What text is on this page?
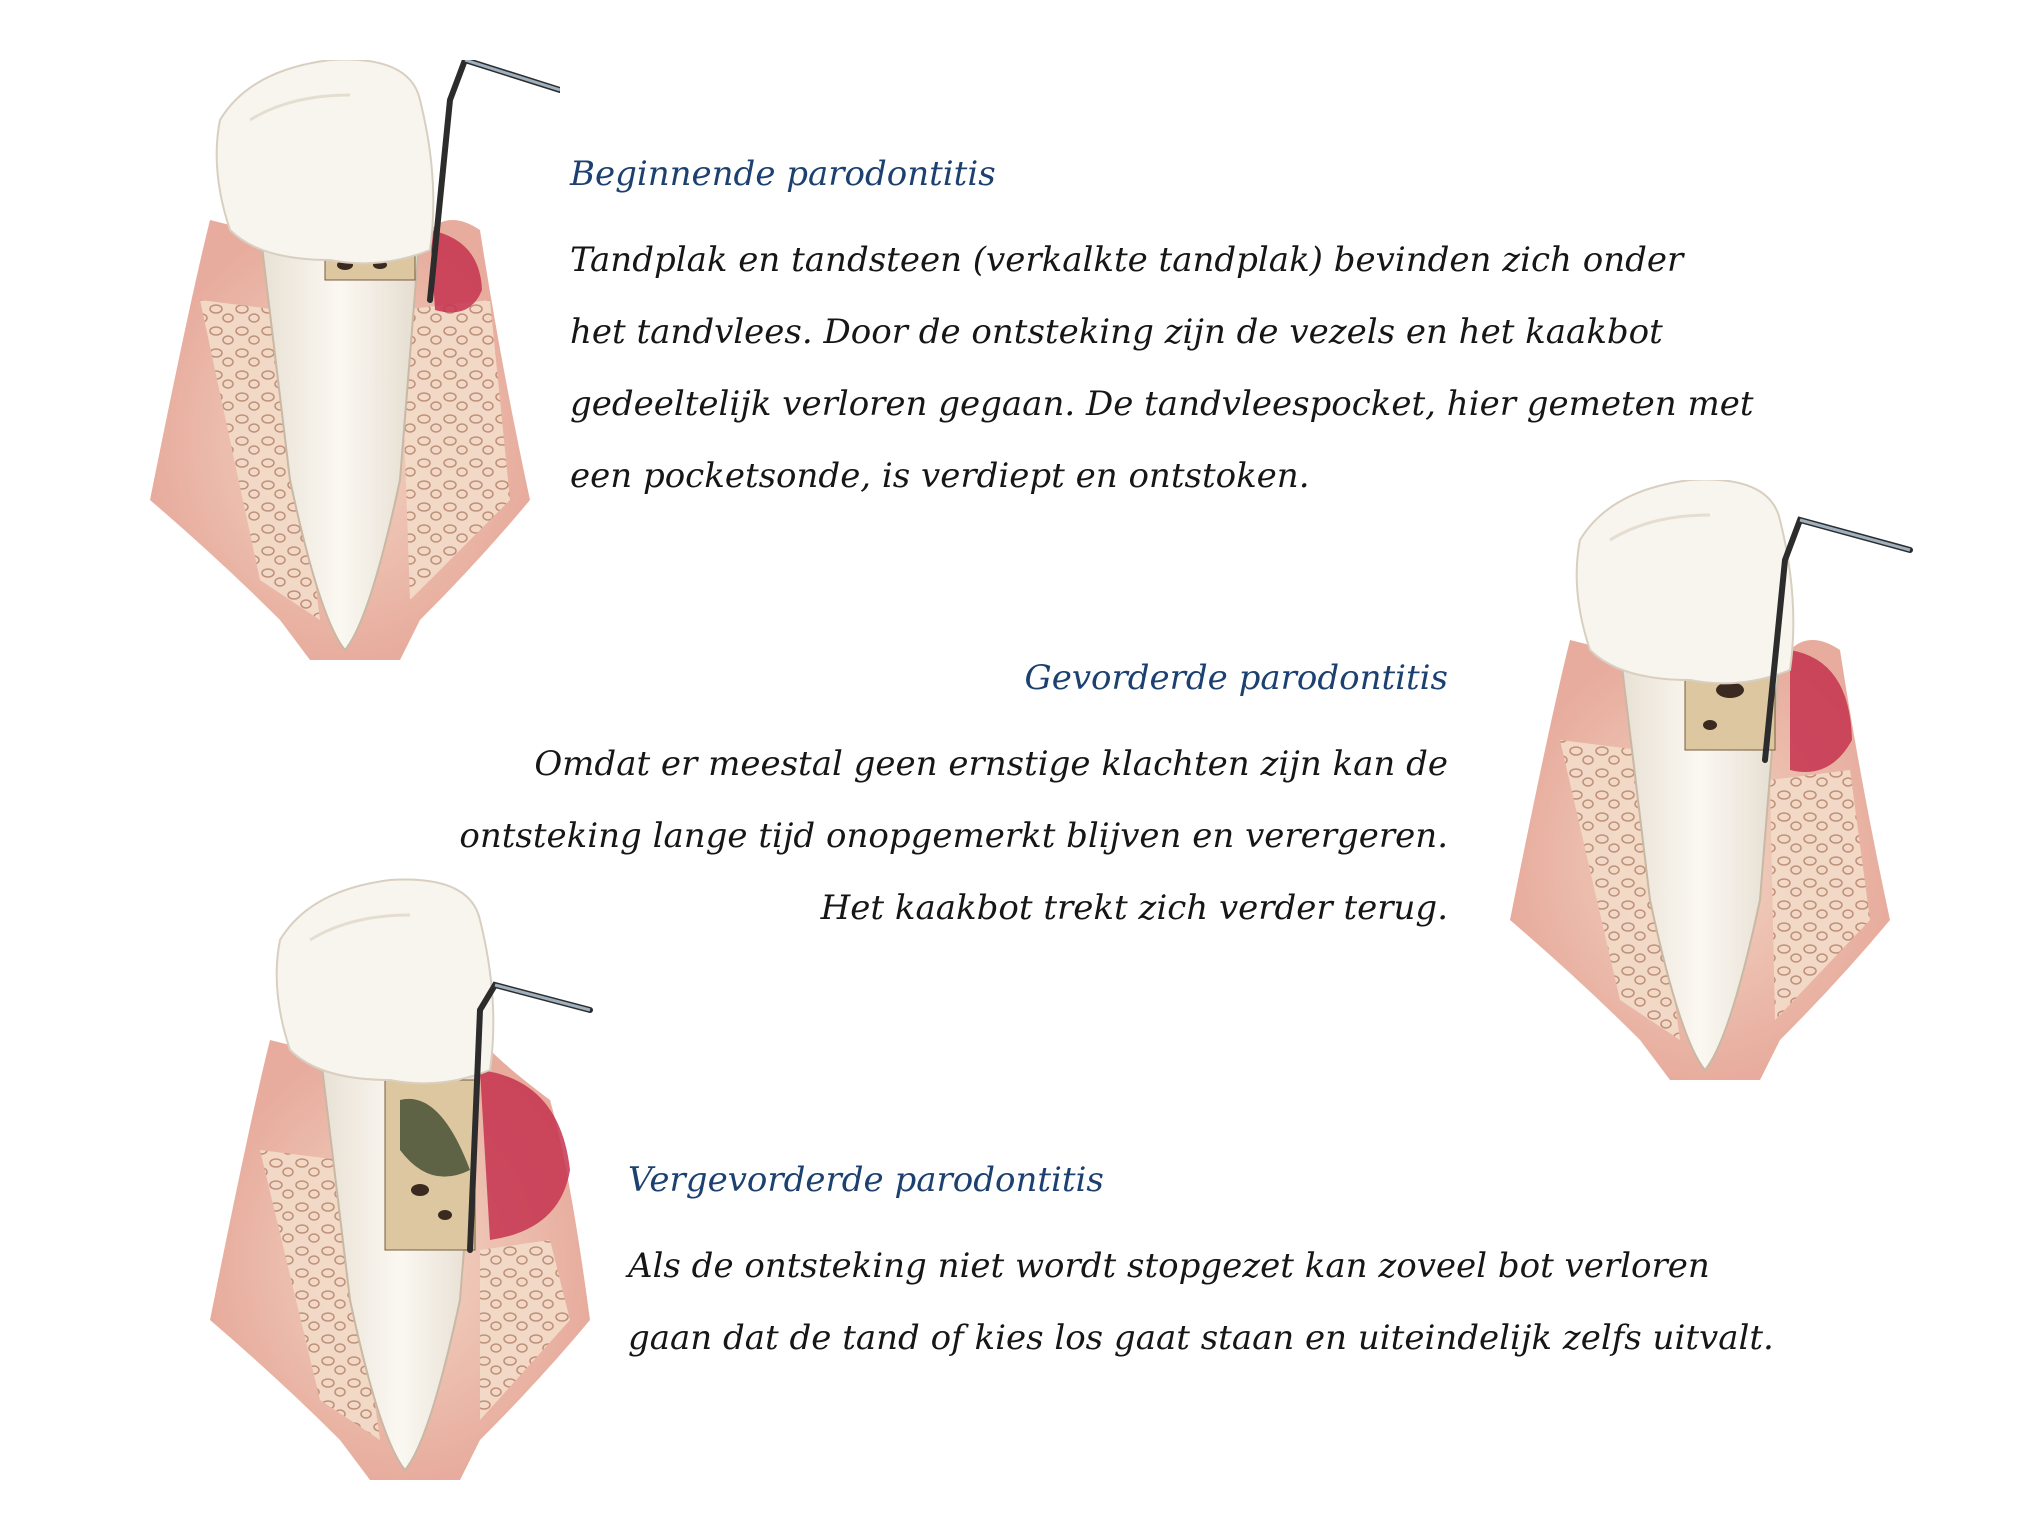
Beginnende parodontitis

Tandplak en tandsteen (verkalkte tandplak) bevinden zich onder
het tandvlees. Door de ontsteking zijn de vezels en het kaakbot
gedeeltelijk verloren gegaan. De tandvleespocket, hier gemeten met
een pocketsonde, is verdiept en ontstoken.

Gevorderde parodontitis

Omdat er meestal geen ernstige klachten zijn kan de
ontsteking lange tijd onopgemerkt blijven en verergeren.
Het kaakbot trekt zich verder terug.

Vergevorderde parodontitis

Als de ontsteking niet wordt stopgezet kan zoveel bot verloren
gaan dat de tand of kies los gaat staan en uiteindelijk zelfs uitvalt.
